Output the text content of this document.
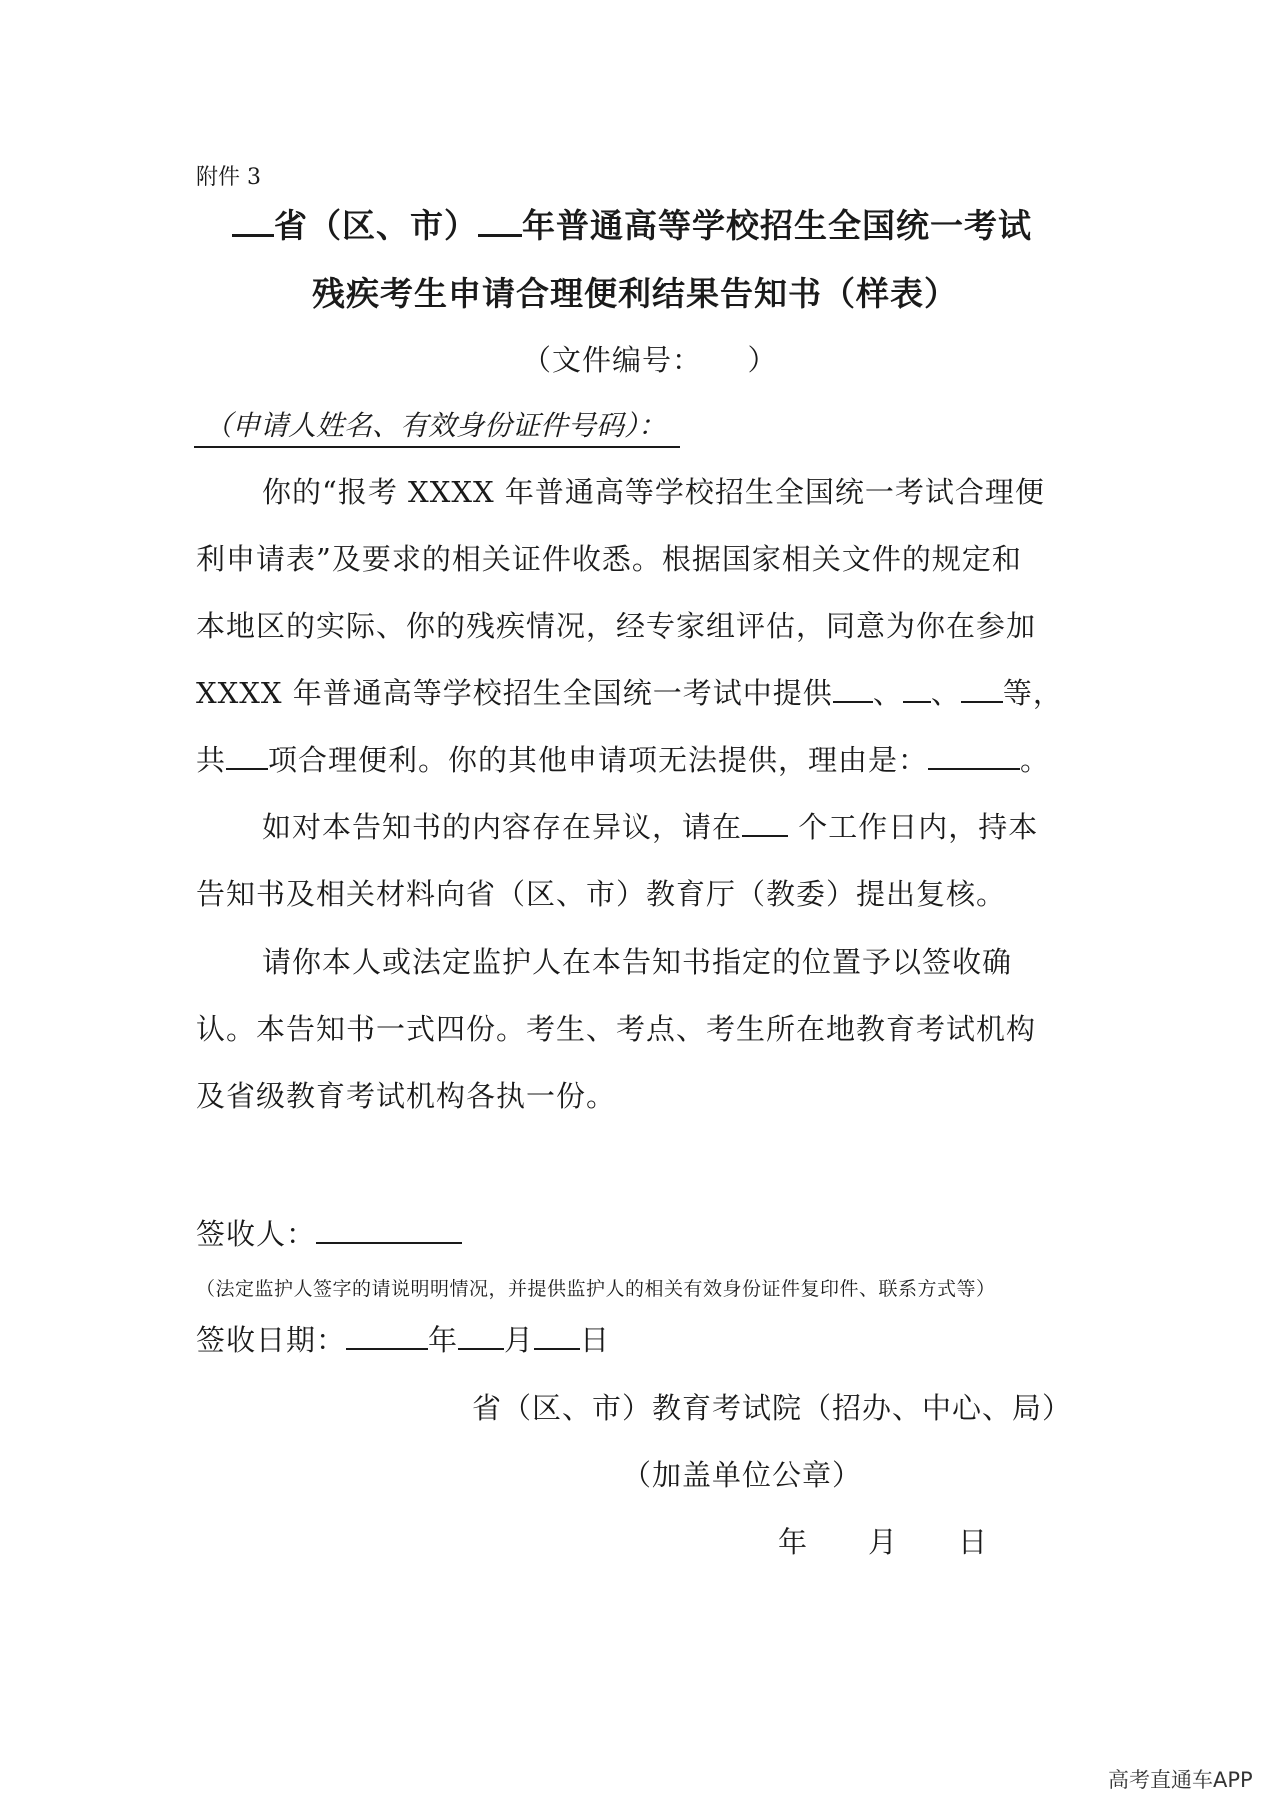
附件 3
省（区、市） 年普通高等学校招生全国统一考试
残疾考生申请合理便利结果告知书（样表）
（文件编号：　　）
（申请人姓名、有效身份证件号码）：
你的“报考 XXXX 年普通高等学校招生全国统一考试合理便
利申请表”及要求的相关证件收悉。根据国家相关文件的规定和
本地区的实际、你的残疾情况，经专家组评估，同意为你在参加
XXXX 年普通高等学校招生全国统一考试中提供 、 、 等，
共 项合理便利。你的其他申请项无法提供，理由是：	。
如对本告知书的内容存在异议，请在 个工作日内，持本
告知书及相关材料向省（区、市）教育厅（教委）提出复核。
请你本人或法定监护人在本告知书指定的位置予以签收确
认。本告知书一式四份。考生、考点、考生所在地教育考试机构
及省级教育考试机构各执一份。
签收人：
（法定监护人签字的请说明明情况，并提供监护人的相关有效身份证件复印件、联系方式等）
签收日期：	年 月 日
省（区、市）教育考试院（招办、中心、局）
（加盖单位公章）
年　　月　　日
高考直通车APP
